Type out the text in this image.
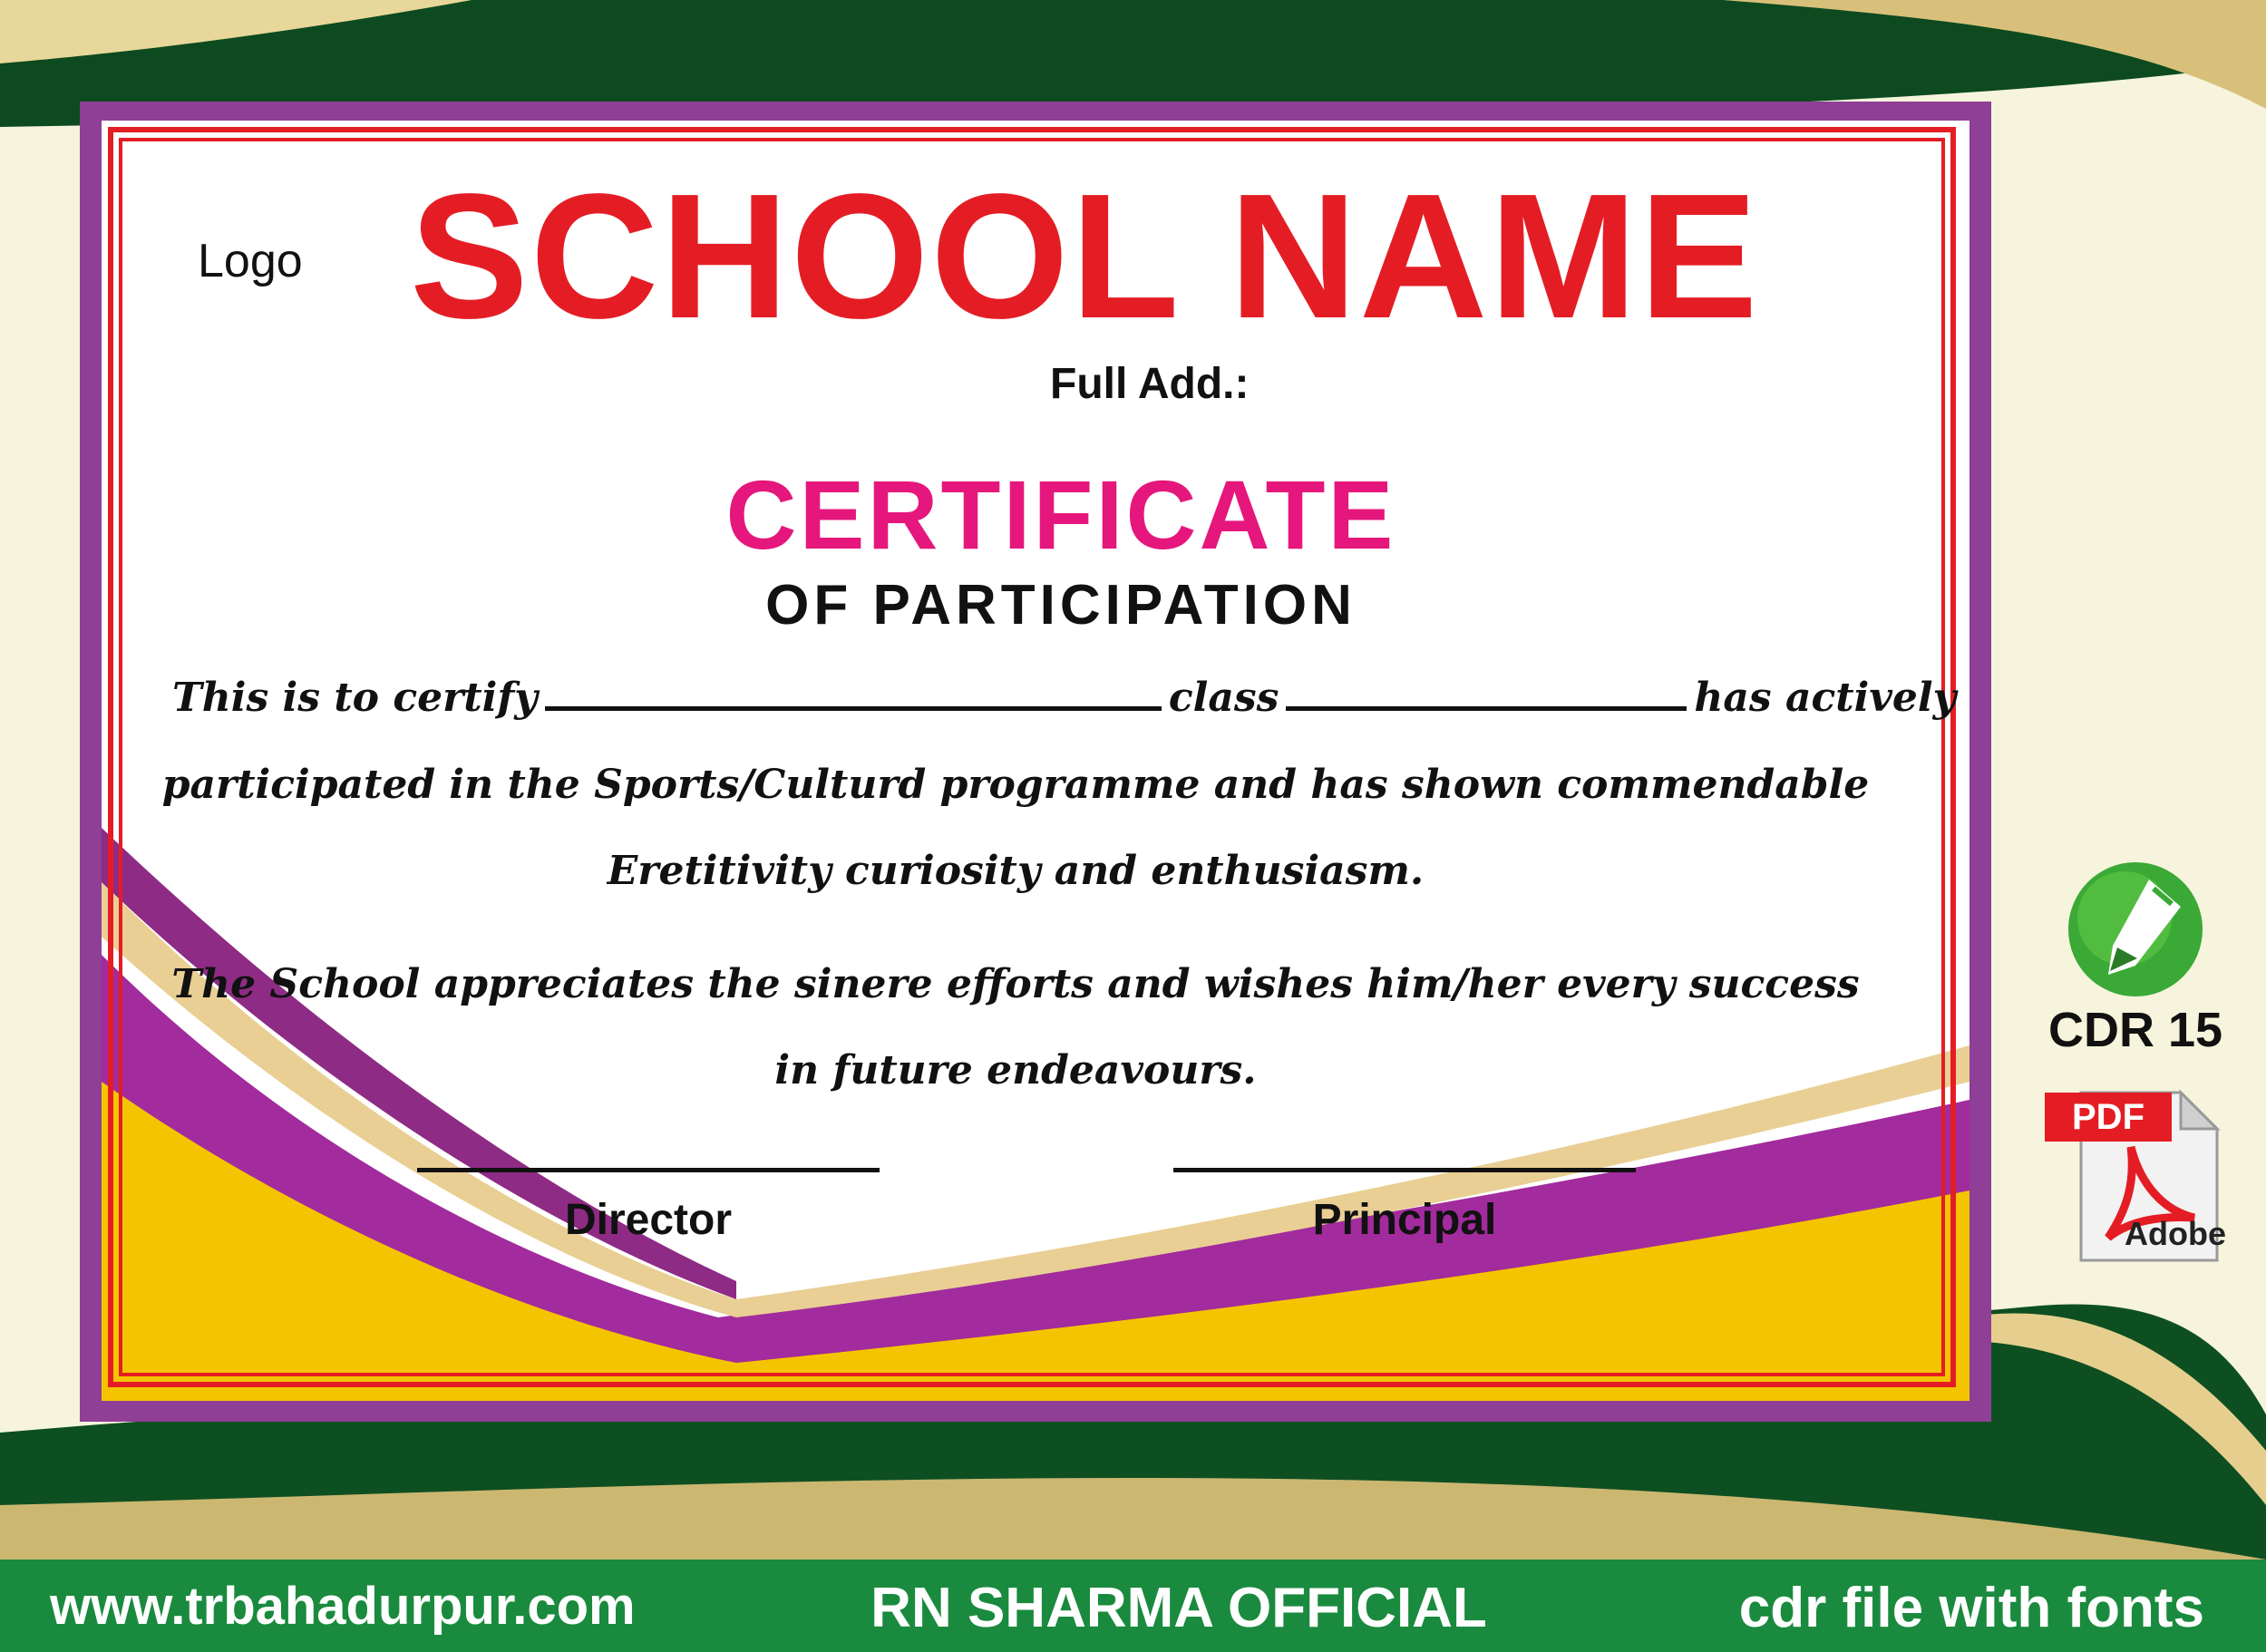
Logo SCHOOL NAME
Full Add.:
CERTIFICATE
OF PARTICIPATION
This is to certify	class	has actively
participated in the Sports/Culturd programme and has shown commendable
Eretitivity curiosity and enthusiasm.
The School appreciates the sinere efforts and wishes him/her every success
in future endeavours.
Director	Principal
CDR 15
PDF
Adobe
www.trbahadurpur.com	RN SHARMA OFFICIAL	cdr file with fonts
